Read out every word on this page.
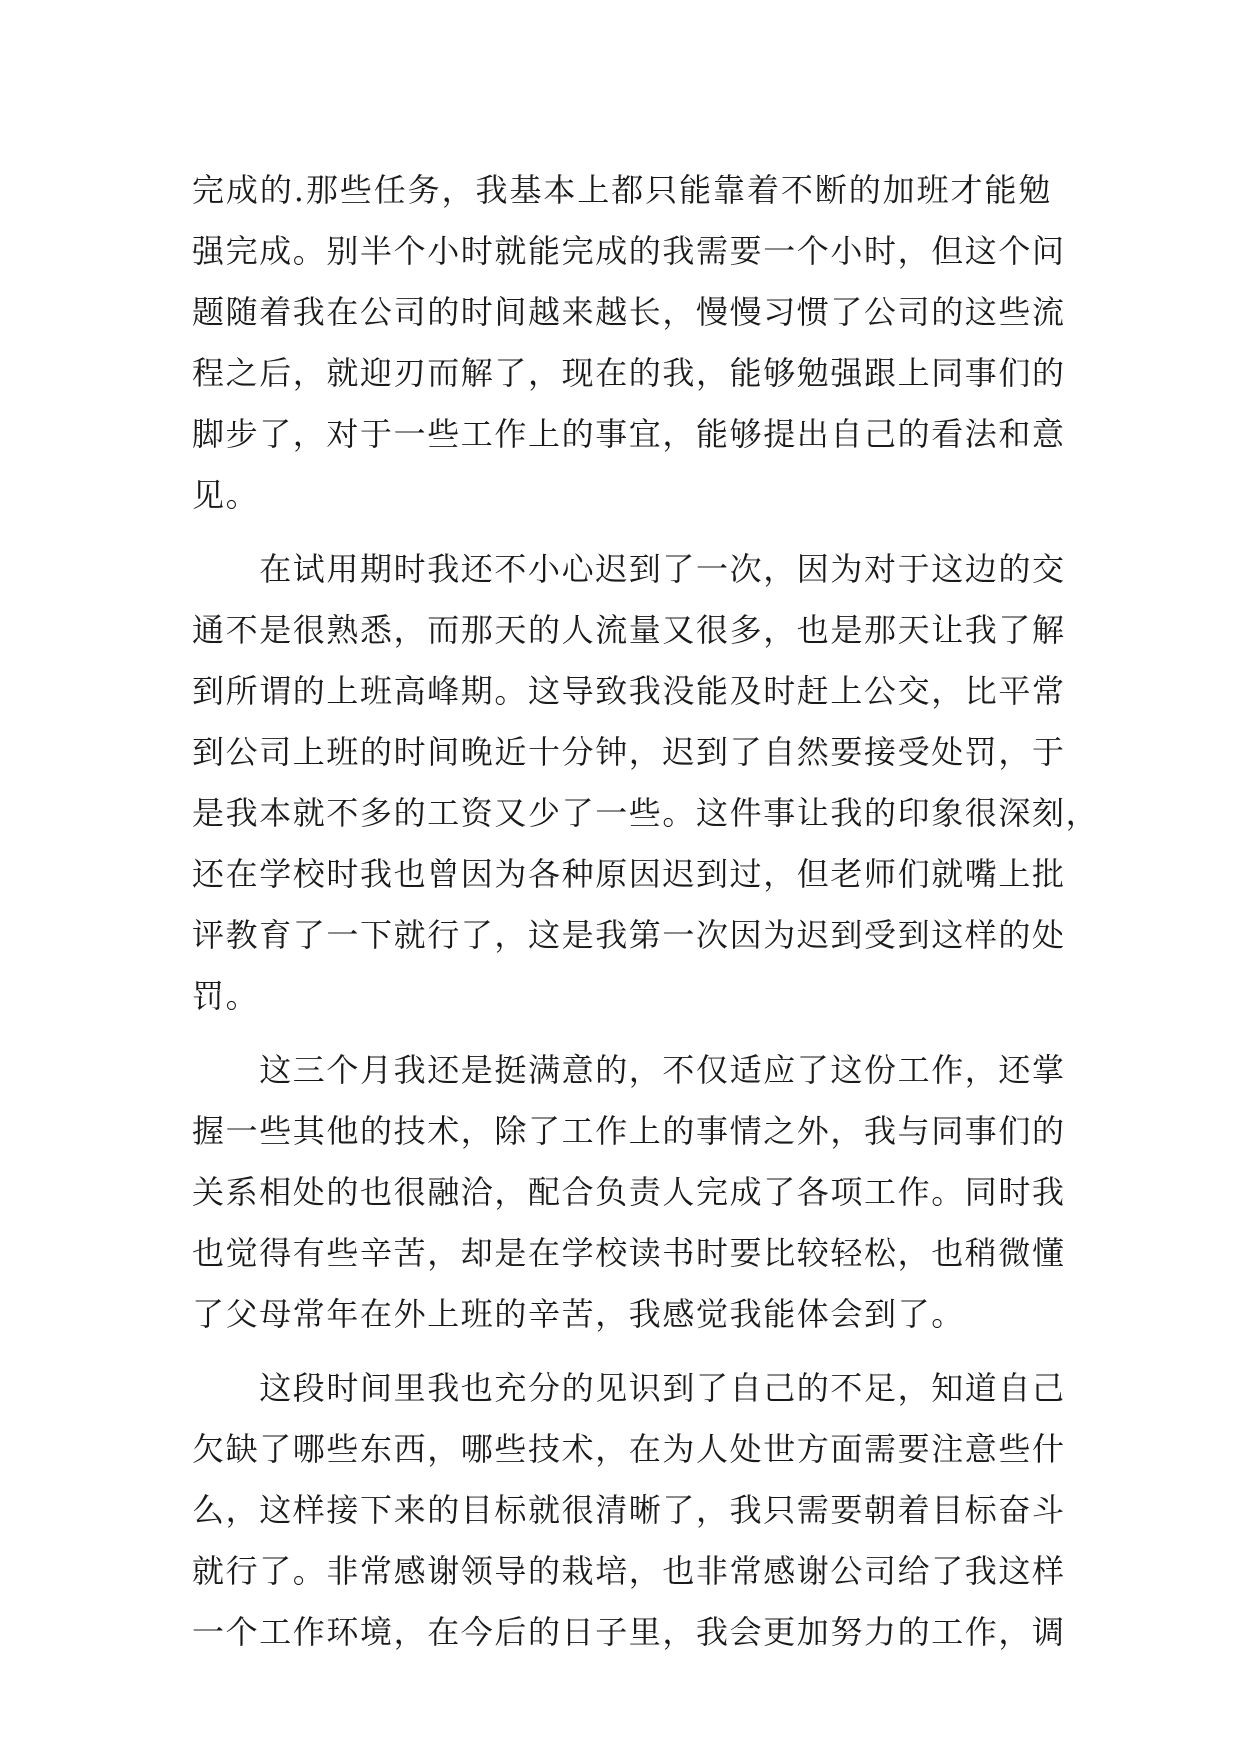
完成的.那些任务，我基本上都只能靠着不断的加班才能勉
强完成。别半个小时就能完成的我需要一个小时，但这个问
题随着我在公司的时间越来越长，慢慢习惯了公司的这些流
程之后，就迎刃而解了，现在的我，能够勉强跟上同事们的
脚步了，对于一些工作上的事宜，能够提出自己的看法和意
见。
　　在试用期时我还不小心迟到了一次，因为对于这边的交
通不是很熟悉，而那天的人流量又很多，也是那天让我了解
到所谓的上班高峰期。这导致我没能及时赶上公交，比平常
到公司上班的时间晚近十分钟，迟到了自然要接受处罚，于
是我本就不多的工资又少了一些。这件事让我的印象很深刻，
还在学校时我也曾因为各种原因迟到过，但老师们就嘴上批
评教育了一下就行了，这是我第一次因为迟到受到这样的处
罚。
　　这三个月我还是挺满意的，不仅适应了这份工作，还掌
握一些其他的技术，除了工作上的事情之外，我与同事们的
关系相处的也很融洽，配合负责人完成了各项工作。同时我
也觉得有些辛苦，却是在学校读书时要比较轻松，也稍微懂
了父母常年在外上班的辛苦，我感觉我能体会到了。
　　这段时间里我也充分的见识到了自己的不足，知道自己
欠缺了哪些东西，哪些技术，在为人处世方面需要注意些什
么，这样接下来的目标就很清晰了，我只需要朝着目标奋斗
就行了。非常感谢领导的栽培，也非常感谢公司给了我这样
一个工作环境，在今后的日子里，我会更加努力的工作，调
